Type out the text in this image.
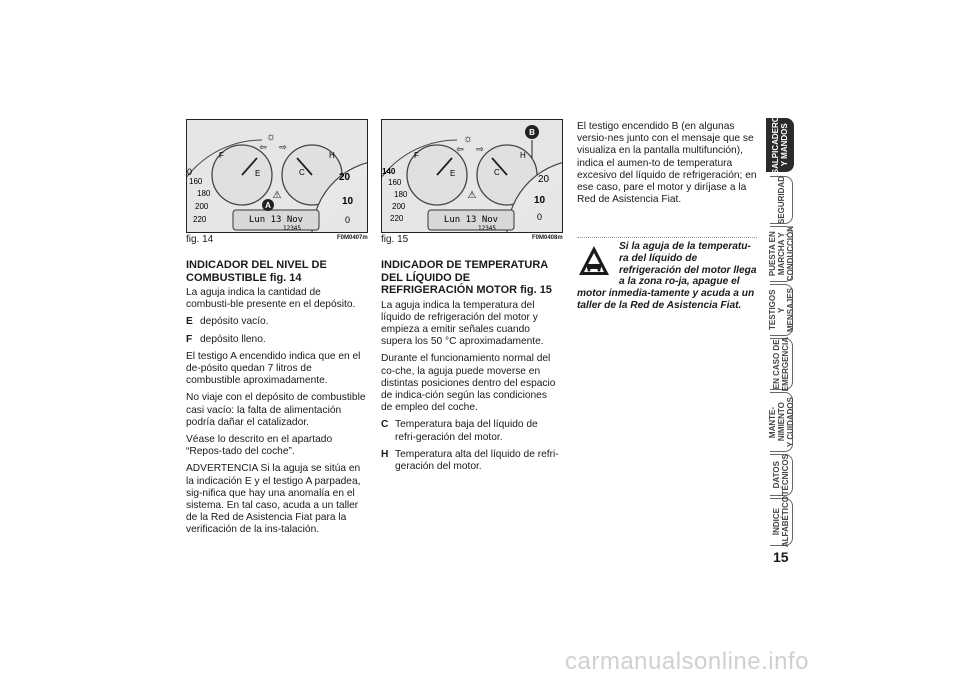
F
E	C
H
0
160
180
200
220
20
10
0
☼
⇦ ⇨
⚠
Lun 13 Nov
12345
A
fig. 14	F0M0407m
F
E	C
H
140
160
180
200
220
20
10
0
☼
⇦ ⇨
⚠
Lun 13 Nov
12345
B
fig. 15	F0M0408m
INDICADOR DEL NIVEL DE COMBUSTIBLE fig. 14

La aguja indica la cantidad de combusti-ble presente en el depósito.

E depósito vacío.
F depósito lleno.

El testigo A encendido indica que en el de-pósito quedan 7 litros de combustible aproximadamente.

No viaje con el depósito de combustible casi vacío: la falta de alimentación podría dañar el catalizador.

Véase lo descrito en el apartado “Repos-tado del coche”.

ADVERTENCIA Si la aguja se sitúa en la indicación E y el testigo A parpadea, sig-nifica que hay una anomalía en el sistema. En tal caso, acuda a un taller de la Red de Asistencia Fiat para la verificación de la ins-talación.

INDICADOR DE TEMPERATURA DEL LÍQUIDO DE REFRIGERACIÓN MOTOR fig. 15

La aguja indica la temperatura del líquido de refrigeración del motor y empieza a emitir señales cuando supera los 50 °C aproximadamente.

Durante el funcionamiento normal del co-che, la aguja puede moverse en distintas posiciones dentro del espacio de indica-ción según las condiciones de empleo del coche.

C Temperatura baja del líquido de refri-geración del motor.
H Temperatura alta del líquido de refri-geración del motor.

El testigo encendido B (en algunas versio-nes junto con el mensaje que se visualiza en la pantalla multifunción), indica el aumen-to de temperatura excesivo del líquido de refrigeración; en ese caso, pare el motor y diríjase a la Red de Asistencia Fiat.

Si la aguja de la temperatu-ra del líquido de refrigeración del motor llega a la zona ro-ja, apague el motor inmedia-tamente y acuda a un taller de la Red de Asistencia Fiat.
SALPICADERO
Y MANDOS
SEGURIDAD
PUESTA EN
MARCHA Y
CONDUCCIÓN
TESTIGOS
Y MENSAJES
EN CASO DE
EMERGENCIA
MANTE-
NIMIENTO
Y CUIDADOS
DATOS
TÉCNICOS
ÍNDICE
ALFABÉTICO
15
carmanualsonline.info
